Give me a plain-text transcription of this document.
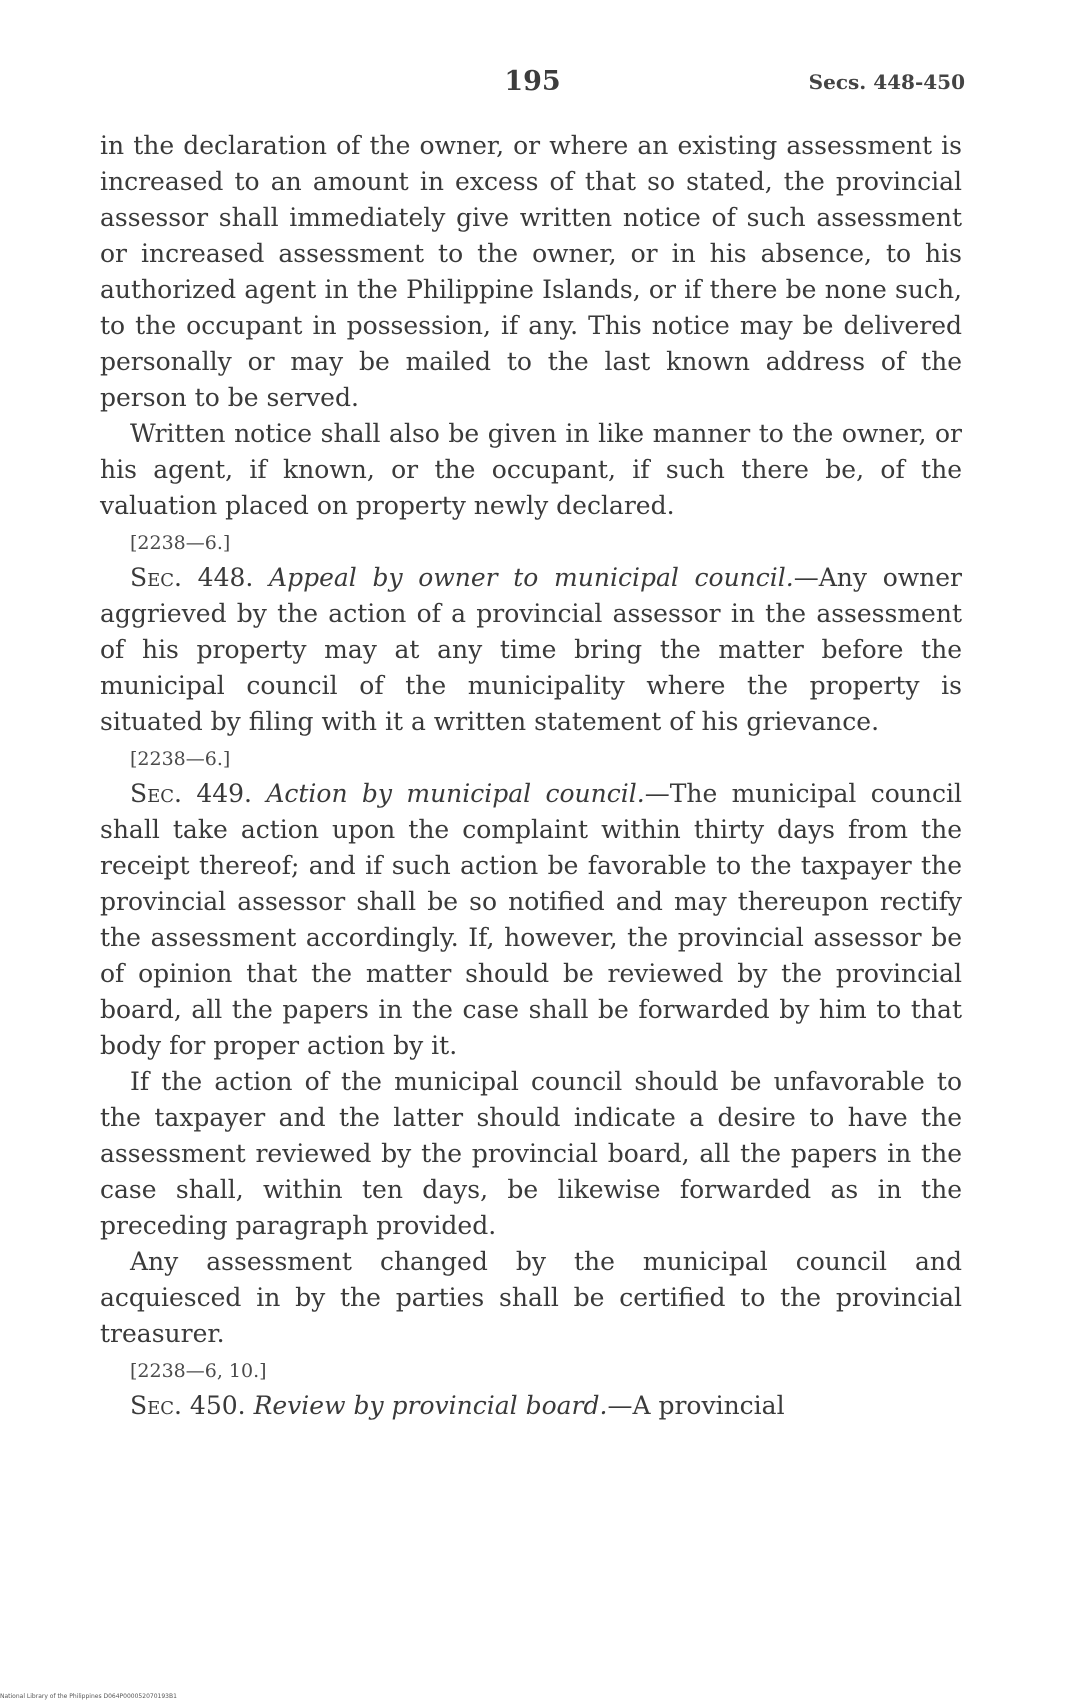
195	Secs. 448-450

in the declaration of the owner, or where an existing assessment is increased to an amount in excess of that so stated, the provincial assessor shall immediately give written notice of such assessment or increased assessment to the owner, or in his absence, to his authorized agent in the Philippine Islands, or if there be none such, to the occupant in possession, if any. This notice may be delivered personally or may be mailed to the last known address of the person to be served.

Written notice shall also be given in like manner to the owner, or his agent, if known, or the occupant, if such there be, of the valuation placed on property newly declared.

[2238—6.]

Sec. 448. Appeal by owner to municipal council.—Any owner aggrieved by the action of a provincial assessor in the assessment of his property may at any time bring the matter before the municipal council of the municipality where the property is situated by filing with it a written statement of his grievance.

[2238—6.]

Sec. 449. Action by municipal council.—The municipal council shall take action upon the complaint within thirty days from the receipt thereof; and if such action be favorable to the taxpayer the provincial assessor shall be so notified and may thereupon rectify the assessment accordingly. If, however, the provincial assessor be of opinion that the matter should be reviewed by the provincial board, all the papers in the case shall be forwarded by him to that body for proper action by it.

If the action of the municipal council should be unfavorable to the taxpayer and the latter should indicate a desire to have the assessment reviewed by the provincial board, all the papers in the case shall, within ten days, be likewise forwarded as in the preceding paragraph provided.

Any assessment changed by the municipal council and acquiesced in by the parties shall be certified to the provincial treasurer.

[2238—6, 10.]

Sec. 450. Review by provincial board.—A provincial

National Library of the Philippines D064P000052070193B1
